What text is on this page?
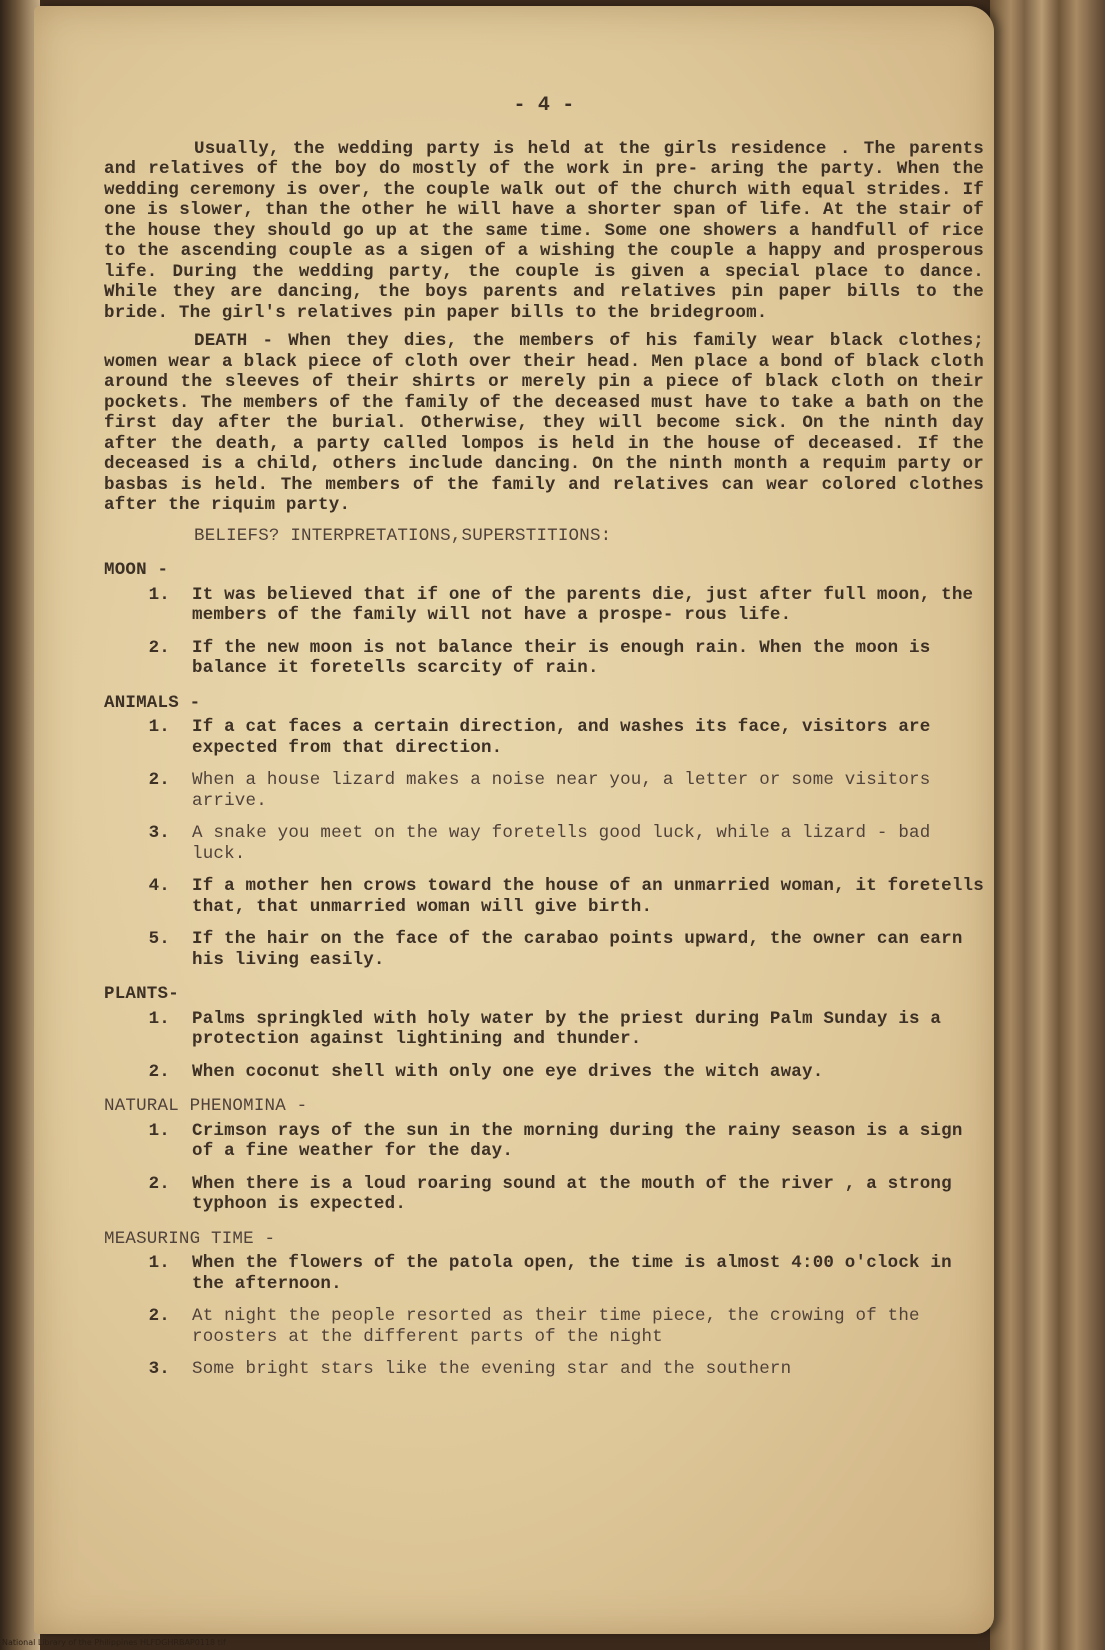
- 4 -

Usually, the wedding party is held at the girls residence . The parents and relatives of the boy do mostly of the work in pre- aring the party. When the wedding ceremony is over, the couple walk out of the church with equal strides. If one is slower, than the other he will have a shorter span of life. At the stair of the house they should go up at the same time. Some one showers a handfull of rice to the ascending couple as a sigen of a wishing the couple a happy and prosperous life. During the wedding party, the couple is given a special place to dance. While they are dancing, the boys parents and relatives pin paper bills to the bride. The girl's relatives pin paper bills to the bridegroom.

DEATH - When they dies, the members of his family wear black clothes; women wear a black piece of cloth over their head. Men place a bond of black cloth around the sleeves of their shirts or merely pin a piece of black cloth on their pockets. The members of the family of the deceased must have to take a bath on the first day after the burial. Otherwise, they will become sick. On the ninth day after the death, a party called lompos is held in the house of deceased. If the deceased is a child, others include dancing. On the ninth month a requim party or basbas is held. The members of the family and relatives can wear colored clothes after the riquim party.

BELIEFS? INTERPRETATIONS,SUPERSTITIONS:

MOON -

1.	It was believed that if one of the parents die, just after full moon, the members of the family will not have a prospe- rous life.
2.	If the new moon is not balance their is enough rain. When the moon is balance it foretells scarcity of rain.

ANIMALS -

1.	If a cat faces a certain direction, and washes its face, visitors are expected from that direction.
2.	When a house lizard makes a noise near you, a letter or some visitors arrive.
3.	A snake you meet on the way foretells good luck, while a lizard - bad luck.
4.	If a mother hen crows toward the house of an unmarried woman, it foretells that, that unmarried woman will give birth.
5.	If the hair on the face of the carabao points upward, the owner can earn his living easily.

PLANTS-

1.	Palms springkled with holy water by the priest during Palm Sunday is a protection against lightining and thunder.
2.	When coconut shell with only one eye drives the witch away.

NATURAL PHENOMINA -

1.	Crimson rays of the sun in the morning during the rainy season is a sign of a fine weather for the day.
2.	When there is a loud roaring sound at the mouth of the river , a strong typhoon is expected.

MEASURING TIME -

1.	When the flowers of the patola open, the time is almost 4:00 o'clock in the afternoon.
2.	At night the people resorted as their time piece, the crowing of the roosters at the different parts of the night
3.	Some bright stars like the evening star and the southern
National Library of the Philippines HLFDGHRBAP0118 tif
